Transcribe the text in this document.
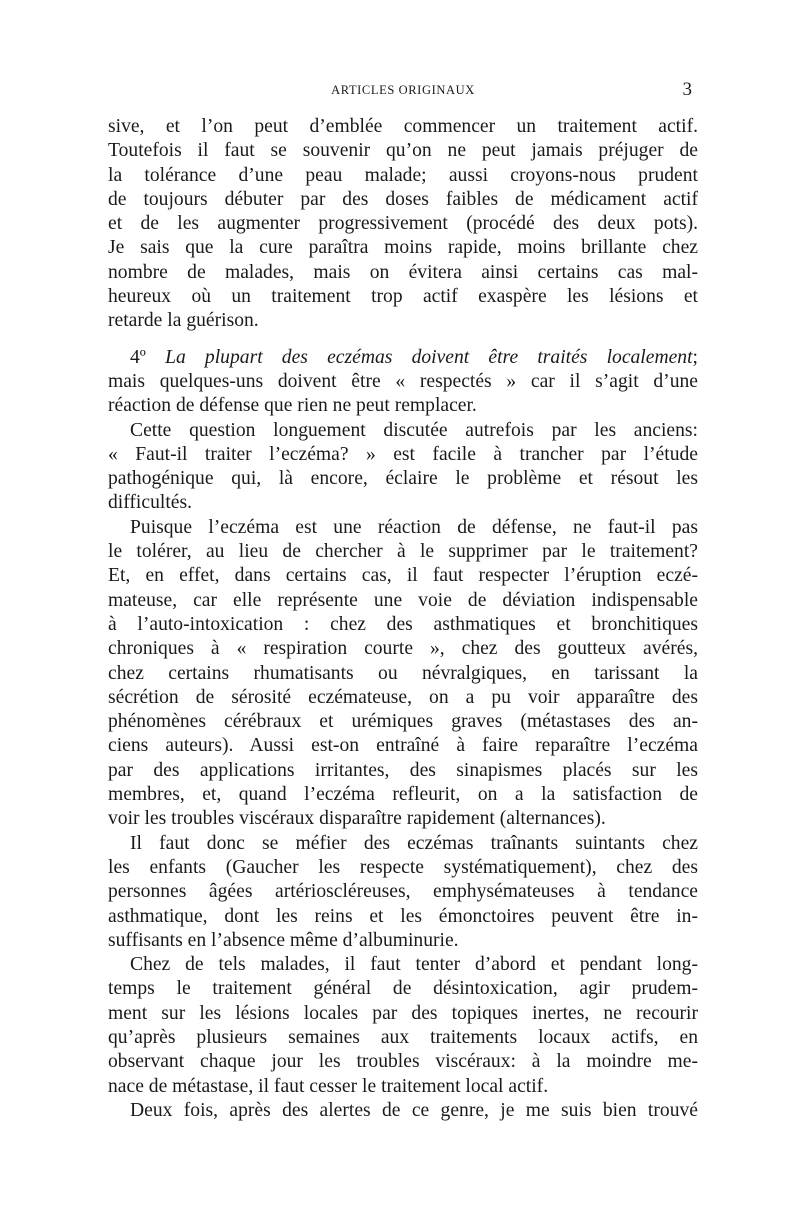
ARTICLES ORIGINAUX	3
sive, et l’on peut d’emblée commencer un traitement actif.
Toutefois il faut se souvenir qu’on ne peut jamais préjuger de
la tolérance d’une peau malade; aussi croyons-nous prudent
de toujours débuter par des doses faibles de médicament actif
et de les augmenter progressivement (procédé des deux pots).
Je sais que la cure paraîtra moins rapide, moins brillante chez
nombre de malades, mais on évitera ainsi certains cas mal-
heureux où un traitement trop actif exaspère les lésions et
retarde la guérison.
4º La plupart des eczémas doivent être traités localement;
mais quelques-uns doivent être « respectés » car il s’agit d’une
réaction de défense que rien ne peut remplacer.
Cette question longuement discutée autrefois par les anciens:
« Faut-il traiter l’eczéma? » est facile à trancher par l’étude
pathogénique qui, là encore, éclaire le problème et résout les
difficultés.
Puisque l’eczéma est une réaction de défense, ne faut-il pas
le tolérer, au lieu de chercher à le supprimer par le traitement?
Et, en effet, dans certains cas, il faut respecter l’éruption eczé-
mateuse, car elle représente une voie de déviation indispensable
à l’auto-intoxication : chez des asthmatiques et bronchitiques
chroniques à « respiration courte », chez des goutteux avérés,
chez certains rhumatisants ou névralgiques, en tarissant la
sécrétion de sérosité eczémateuse, on a pu voir apparaître des
phénomènes cérébraux et urémiques graves (métastases des an-
ciens auteurs). Aussi est-on entraîné à faire reparaître l’eczéma
par des applications irritantes, des sinapismes placés sur les
membres, et, quand l’eczéma refleurit, on a la satisfaction de
voir les troubles viscéraux disparaître rapidement (alternances).
Il faut donc se méfier des eczémas traînants suintants chez
les enfants (Gaucher les respecte systématiquement), chez des
personnes âgées artérioscléreuses, emphysémateuses à tendance
asthmatique, dont les reins et les émonctoires peuvent être in-
suffisants en l’absence même d’albuminurie.
Chez de tels malades, il faut tenter d’abord et pendant long-
temps le traitement général de désintoxication, agir prudem-
ment sur les lésions locales par des topiques inertes, ne recourir
qu’après plusieurs semaines aux traitements locaux actifs, en
observant chaque jour les troubles viscéraux: à la moindre me-
nace de métastase, il faut cesser le traitement local actif.
Deux fois, après des alertes de ce genre, je me suis bien trouvé
